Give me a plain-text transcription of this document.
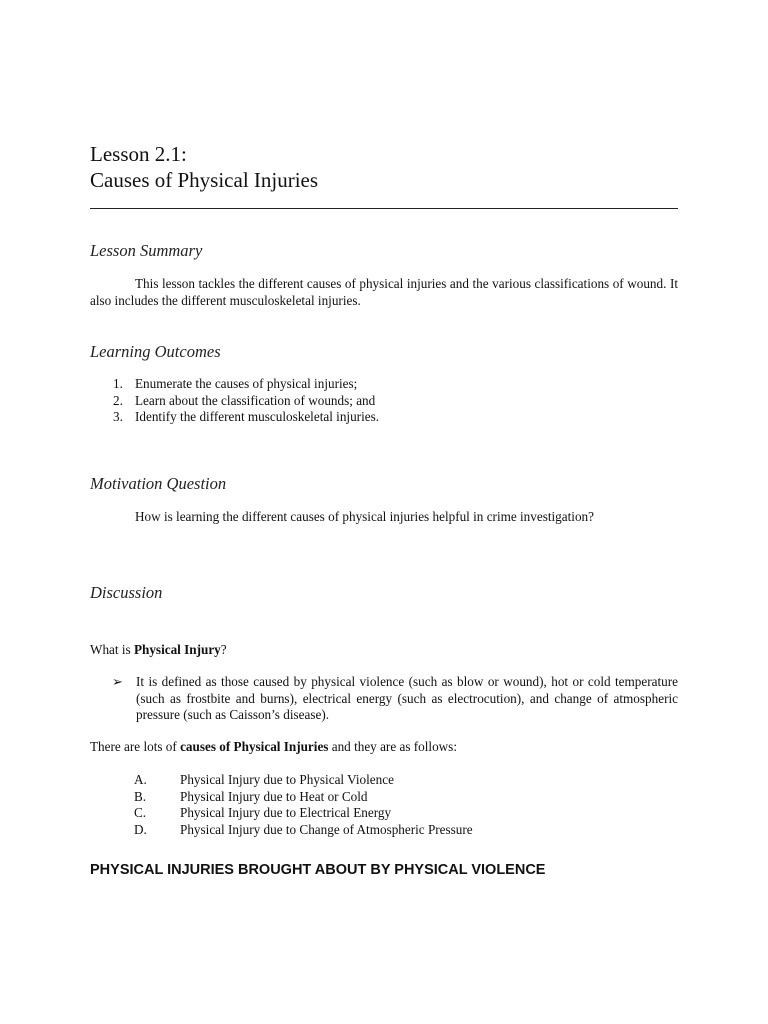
Lesson 2.1:
Causes of Physical Injuries
Lesson Summary

This lesson tackles the different causes of physical injuries and the various classifications of wound. It also includes the different musculoskeletal injuries.

Learning Outcomes
1. Enumerate the causes of physical injuries;
2. Learn about the classification of wounds; and
3. Identify the different musculoskeletal injuries.
Motivation Question

How is learning the different causes of physical injuries helpful in crime investigation?

Discussion

What is Physical Injury?

➢ It is defined as those caused by physical violence (such as blow or wound), hot or cold temperature (such as frostbite and burns), electrical energy (such as electrocution), and change of atmospheric pressure (such as Caisson’s disease).

There are lots of causes of Physical Injuries and they are as follows:

A.	Physical Injury due to Physical Violence
B.	Physical Injury due to Heat or Cold
C.	Physical Injury due to Electrical Energy
D.	Physical Injury due to Change of Atmospheric Pressure
PHYSICAL INJURIES BROUGHT ABOUT BY PHYSICAL VIOLENCE
